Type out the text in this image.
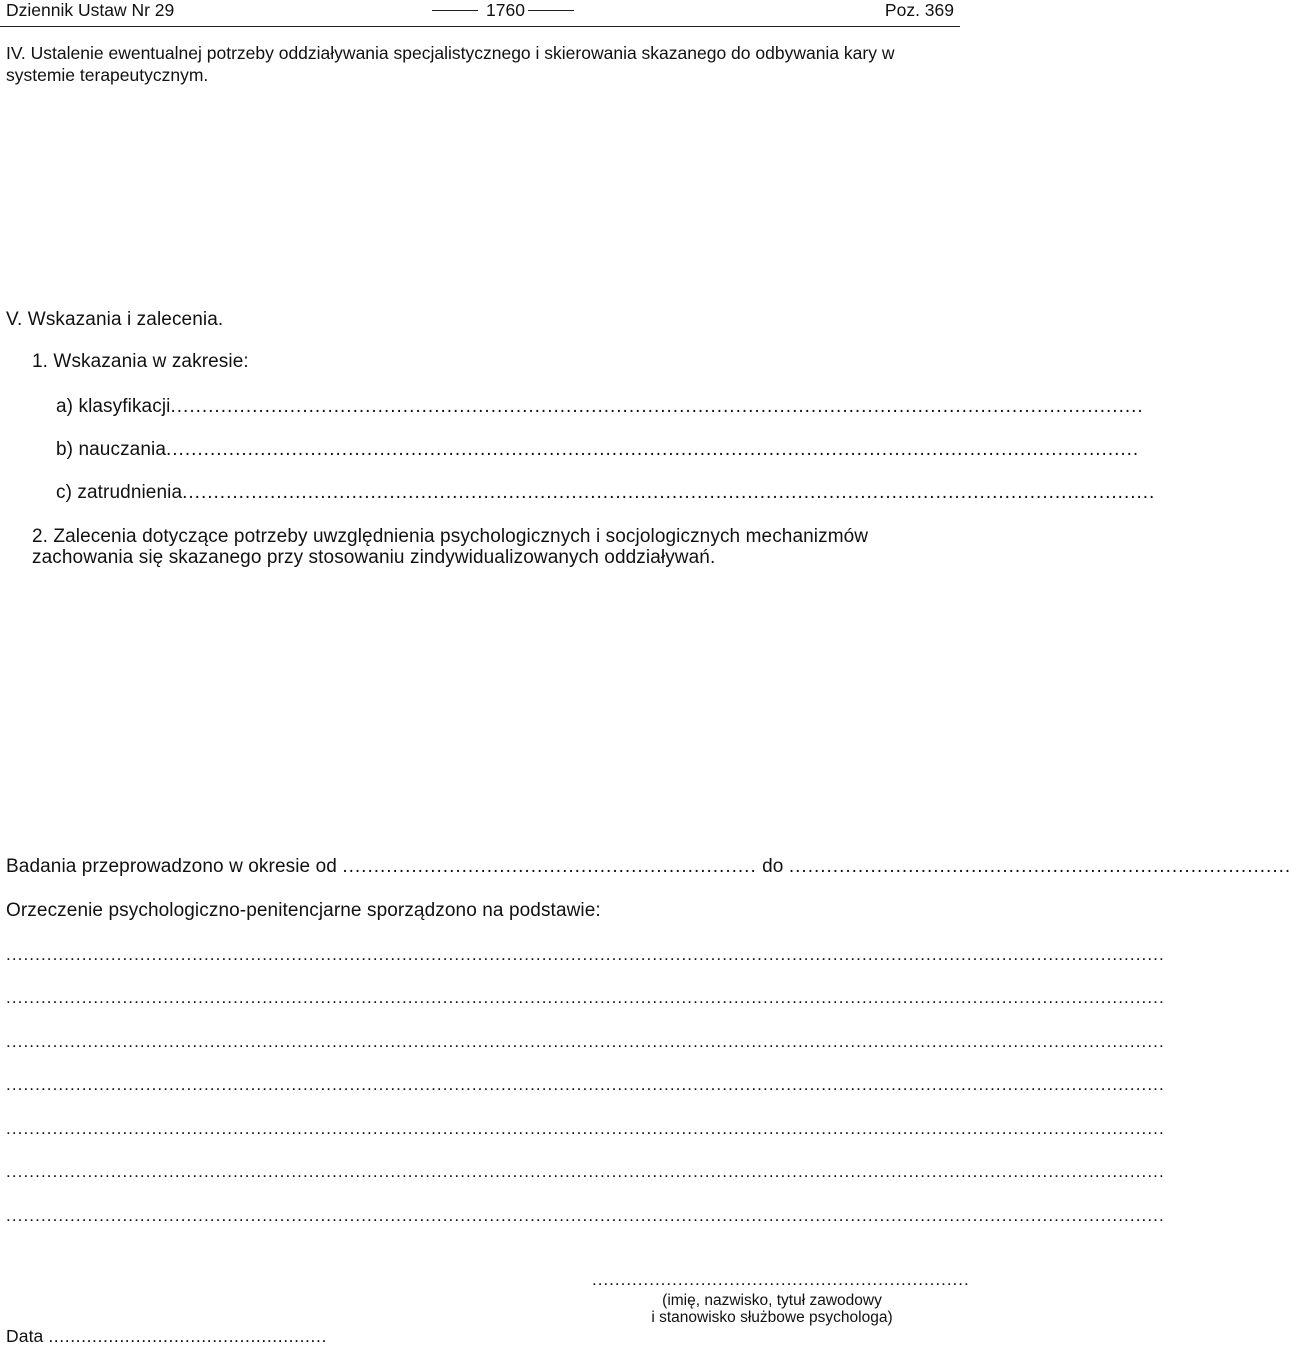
Dziennik Ustaw Nr 29	1760	Poz. 369
IV. Ustalenie ewentualnej potrzeby oddziaływania specjalistycznego i skierowania skazanego do odbywania kary w systemie terapeutycznym.
V. Wskazania i zalecenia.
1. Wskazania w zakresie:
a) klasyfikacji...........................................................................................................................................................
b) nauczania...........................................................................................................................................................
c) zatrudnienia...........................................................................................................................................................
2. Zalecenia dotyczące potrzeby uwzględnienia psychologicznych i socjologicznych mechanizmów zachowania się skazanego przy stosowaniu zindywidualizowanych oddziaływań.
Badania przeprowadzono w okresie od .................................................................. do ................................................................................
Orzeczenie psychologiczno-penitencjarne sporządzono na podstawie:
.......................................................................................................................................................................................................
.......................................................................................................................................................................................................
.......................................................................................................................................................................................................
.......................................................................................................................................................................................................
.......................................................................................................................................................................................................
.......................................................................................................................................................................................................
.......................................................................................................................................................................................................
..................................................................
(imię, nazwisko, tytuł zawodowy
i stanowisko służbowe psychologa)
Data ...................................................
